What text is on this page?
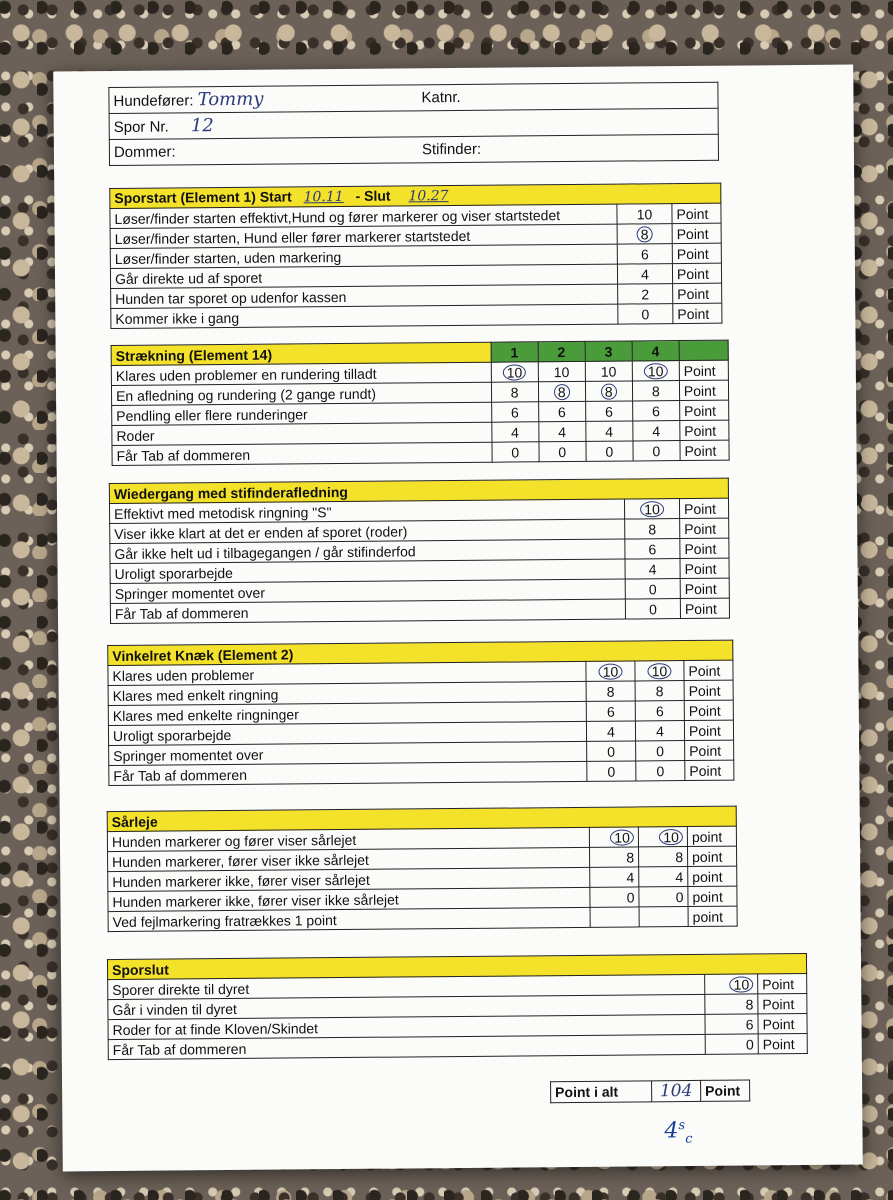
Hundefører: Tommy	Katnr.
Spor Nr. 12	
Dommer:	Stifinder:
Sporstart (Element 1) Start 10.11 - Slut 10.27		
Løser/finder starten effektivt,Hund og fører markerer og viser startstedet	10	Point
Løser/finder starten, Hund eller fører markerer startstedet	8	Point
Løser/finder starten, uden markering	6	Point
Går direkte ud af sporet	4	Point
Hunden tar sporet op udenfor kassen	2	Point
Kommer ikke i gang	0	Point
Strækning (Element 14)	1	2	3	4	
Klares uden problemer en rundering tilladt	10	10	10	10	Point
En afledning og rundering (2 gange rundt)	8	8	8	8	Point
Pendling eller flere runderinger	6	6	6	6	Point
Roder	4	4	4	4	Point
Får Tab af dommeren	0	0	0	0	Point
Wiedergang med stifinderafledning		
Effektivt med metodisk ringning "S"	10	Point
Viser ikke klart at det er enden af sporet (roder)	8	Point
Går ikke helt ud i tilbagegangen / går stifinderfod	6	Point
Uroligt sporarbejde	4	Point
Springer momentet over	0	Point
Får Tab af dommeren	0	Point
Vinkelret Knæk (Element 2)			
Klares uden problemer	10	10	Point
Klares med enkelt ringning	8	8	Point
Klares med enkelte ringninger	6	6	Point
Uroligt sporarbejde	4	4	Point
Springer momentet over	0	0	Point
Får Tab af dommeren	0	0	Point
Sårleje			
Hunden markerer og fører viser sårlejet	10	10	point
Hunden markerer, fører viser ikke sårlejet	8	8	point
Hunden markerer ikke, fører viser sårlejet	4	4	point
Hunden markerer ikke, fører viser ikke sårlejet	0	0	point
Ved fejlmarkering fratrækkes 1 point			point
Sporslut		
Sporer direkte til dyret	10	Point
Går i vinden til dyret	8	Point
Roder for at finde Kloven/Skindet	6	Point
Får Tab af dommeren	0	Point
Point i alt	104	Point
$4^s_c$
